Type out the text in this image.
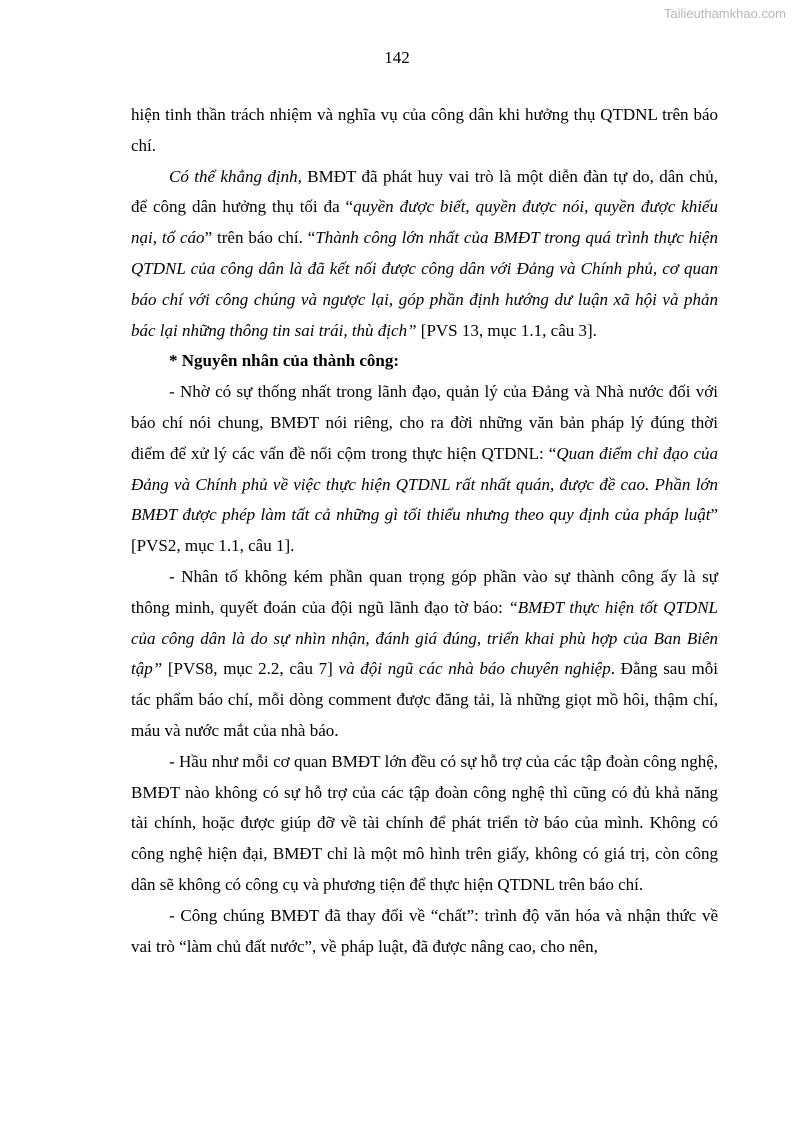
Tailieuthamkhao.com
142

hiện tinh thần trách nhiệm và nghĩa vụ của công dân khi hưởng thụ QTDNL trên báo chí.

Có thể khẳng định, BMĐT đã phát huy vai trò là một diễn đàn tự do, dân chủ, để công dân hưởng thụ tối đa “quyền được biết, quyền được nói, quyền được khiếu nại, tố cáo” trên báo chí. “Thành công lớn nhất của BMĐT trong quá trình thực hiện QTDNL của công dân là đã kết nối được công dân với Đảng và Chính phủ, cơ quan báo chí với công chúng và ngược lại, góp phần định hướng dư luận xã hội và phản bác lại những thông tin sai trái, thù địch” [PVS 13, mục 1.1, câu 3].

* Nguyên nhân của thành công:

- Nhờ có sự thống nhất trong lãnh đạo, quản lý của Đảng và Nhà nước đối với báo chí nói chung, BMĐT nói riêng, cho ra đời những văn bản pháp lý đúng thời điểm để xử lý các vấn đề nổi cộm trong thực hiện QTDNL: “Quan điểm chỉ đạo của Đảng và Chính phủ về việc thực hiện QTDNL rất nhất quán, được đề cao. Phần lớn BMĐT được phép làm tất cả những gì tối thiểu nhưng theo quy định của pháp luật” [PVS2, mục 1.1, câu 1].

- Nhân tố không kém phần quan trọng góp phần vào sự thành công ấy là sự thông minh, quyết đoán của đội ngũ lãnh đạo tờ báo: “BMĐT thực hiện tốt QTDNL của công dân là do sự nhìn nhận, đánh giá đúng, triển khai phù hợp của Ban Biên tập” [PVS8, mục 2.2, câu 7] và đội ngũ các nhà báo chuyên nghiệp. Đằng sau mỗi tác phẩm báo chí, mỗi dòng comment được đăng tải, là những giọt mồ hôi, thậm chí, máu và nước mắt của nhà báo.

- Hầu như mỗi cơ quan BMĐT lớn đều có sự hỗ trợ của các tập đoàn công nghệ, BMĐT nào không có sự hỗ trợ của các tập đoàn công nghệ thì cũng có đủ khả năng tài chính, hoặc được giúp đỡ về tài chính để phát triển tờ báo của mình. Không có công nghệ hiện đại, BMĐT chỉ là một mô hình trên giấy, không có giá trị, còn công dân sẽ không có công cụ và phương tiện để thực hiện QTDNL trên báo chí.

- Công chúng BMĐT đã thay đổi về “chất”: trình độ văn hóa và nhận thức về vai trò “làm chủ đất nước”, về pháp luật, đã được nâng cao, cho nên,
